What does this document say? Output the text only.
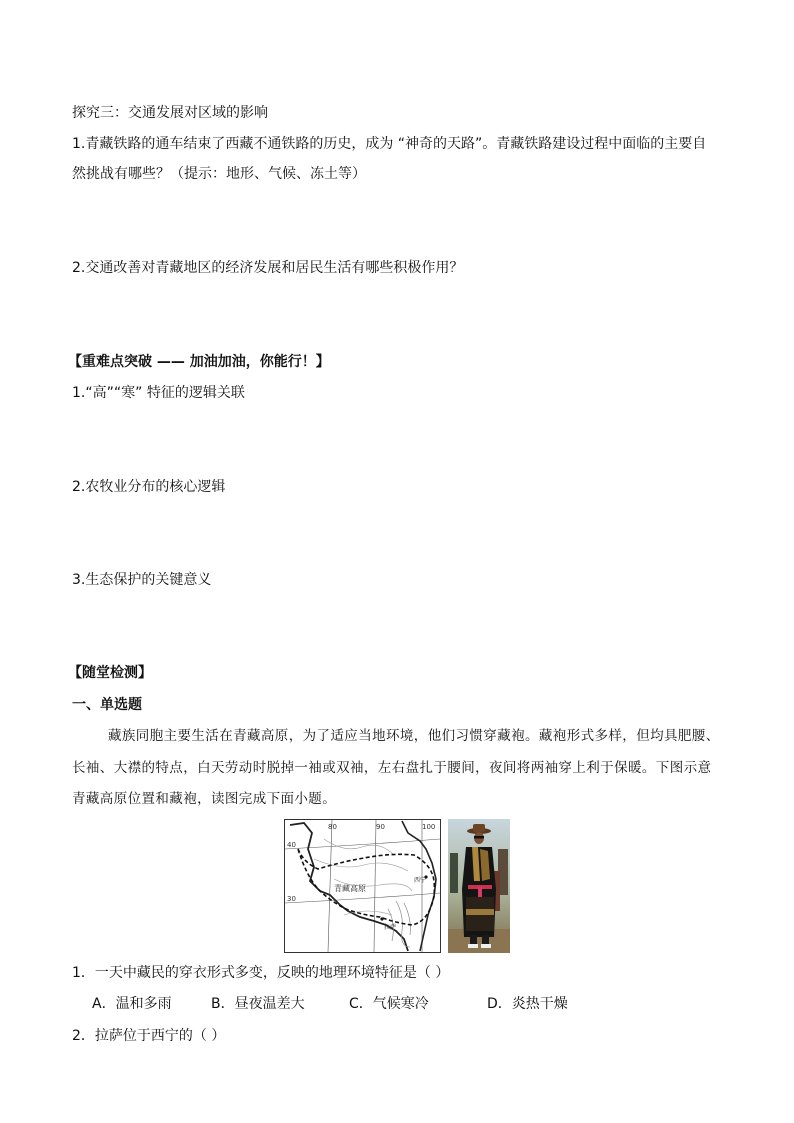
探究三：交通发展对区域的影响
1.青藏铁路的通车结束了西藏不通铁路的历史，成为 “神奇的天路”。青藏铁路建设过程中面临的主要自
然挑战有哪些？（提示：地形、气候、冻土等）
2.交通改善对青藏地区的经济发展和居民生活有哪些积极作用？
【重难点突破 —— 加油加油，你能行！】
1.“高”“寒” 特征的逻辑关联
2.农牧业分布的核心逻辑
3.生态保护的关键意义
【随堂检测】
一、单选题
藏族同胞主要生活在青藏高原，为了适应当地环境，他们习惯穿藏袍。藏袍形式多样，但均具肥腰、
长袖、大襟的特点，白天劳动时脱掉一袖或双袖，左右盘扎于腰间，夜间将两袖穿上利于保暖。下图示意
青藏高原位置和藏袍，读图完成下面小题。
80	90	100
40
30
青藏高原
西宁
拉萨
1．一天中藏民的穿衣形式多变，反映的地理环境特征是（ ）
A．温和多雨	B．昼夜温差大	C．气候寒冷	D．炎热干燥
2．拉萨位于西宁的（ ）
